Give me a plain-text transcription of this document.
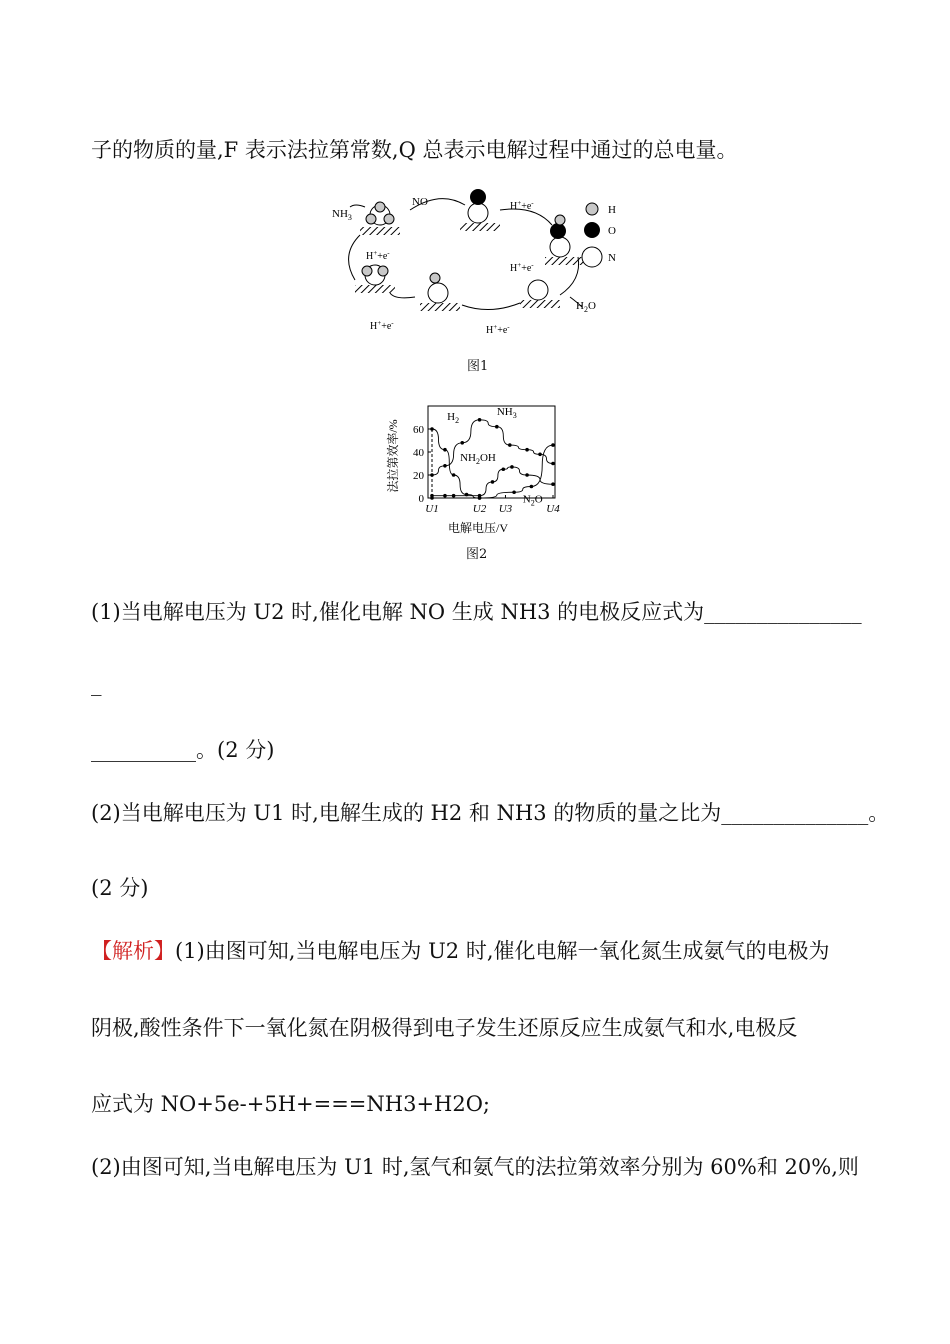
子的物质的量,F 表示法拉第常数,Q 总表示电解过程中通过的总电量。
$NH_3$
NO	H++e-
H++e-
H++e-
H++e-
H++e-
$H_2O$
H
O
N
图1
法拉第效率/%
电解电压/V
0
20
40
60
U1	U2 U3	U4
$H_2$
$NH_3$
$NH_2OH$
$N_2O$
图2
(1)当电解电压为 U2 时,催化电解 NO 生成 NH3 的电极反应式为_______________
_
__________。(2 分)
(2)当电解电压为 U1 时,电解生成的 H2 和 NH3 的物质的量之比为______________。
(2 分)
【解析】(1)由图可知,当电解电压为 U2 时,催化电解一氧化氮生成氨气的电极为
阴极,酸性条件下一氧化氮在阴极得到电子发生还原反应生成氨气和水,电极反
应式为 NO+5e-+5H+===NH3+H2O;
(2)由图可知,当电解电压为 U1 时,氢气和氨气的法拉第效率分别为 60%和 20%,则
